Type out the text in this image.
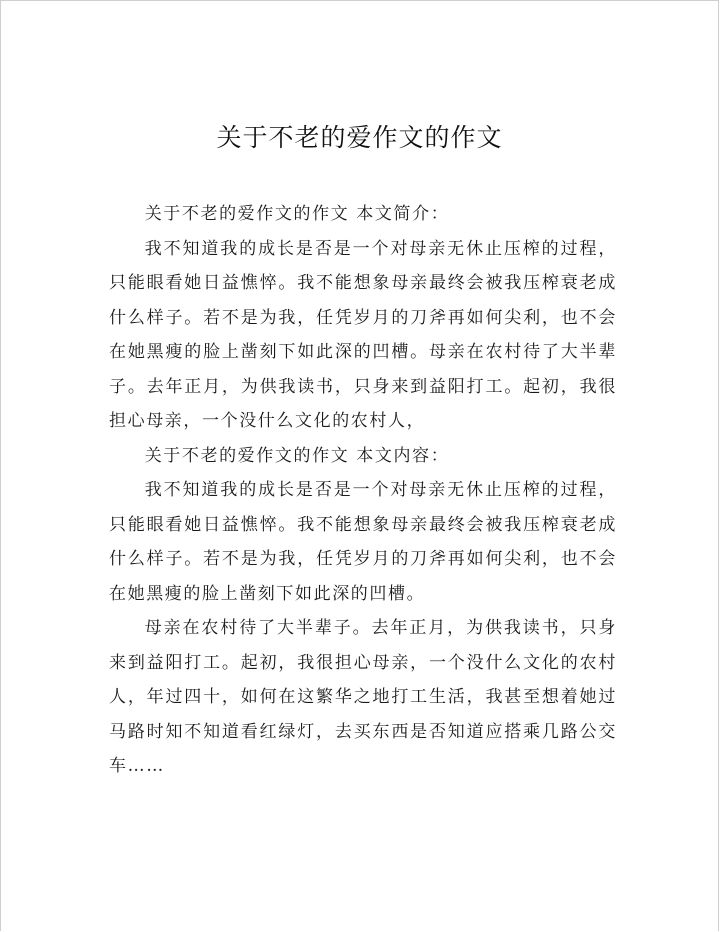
关于不老的爱作文的作文

关于不老的爱作文的作文 本文简介：

我不知道我的成长是否是一个对母亲无休止压榨的过程，只能眼看她日益憔悴。我不能想象母亲最终会被我压榨衰老成什么样子。若不是为我，任凭岁月的刀斧再如何尖利，也不会在她黑瘦的脸上凿刻下如此深的凹槽。母亲在农村待了大半辈子。去年正月，为供我读书，只身来到益阳打工。起初，我很担心母亲，一个没什么文化的农村人，

关于不老的爱作文的作文 本文内容：

我不知道我的成长是否是一个对母亲无休止压榨的过程，只能眼看她日益憔悴。我不能想象母亲最终会被我压榨衰老成什么样子。若不是为我，任凭岁月的刀斧再如何尖利，也不会在她黑瘦的脸上凿刻下如此深的凹槽。

母亲在农村待了大半辈子。去年正月，为供我读书，只身来到益阳打工。起初，我很担心母亲，一个没什么文化的农村人，年过四十，如何在这繁华之地打工生活，我甚至想着她过马路时知不知道看红绿灯，去买东西是否知道应搭乘几路公交车……
